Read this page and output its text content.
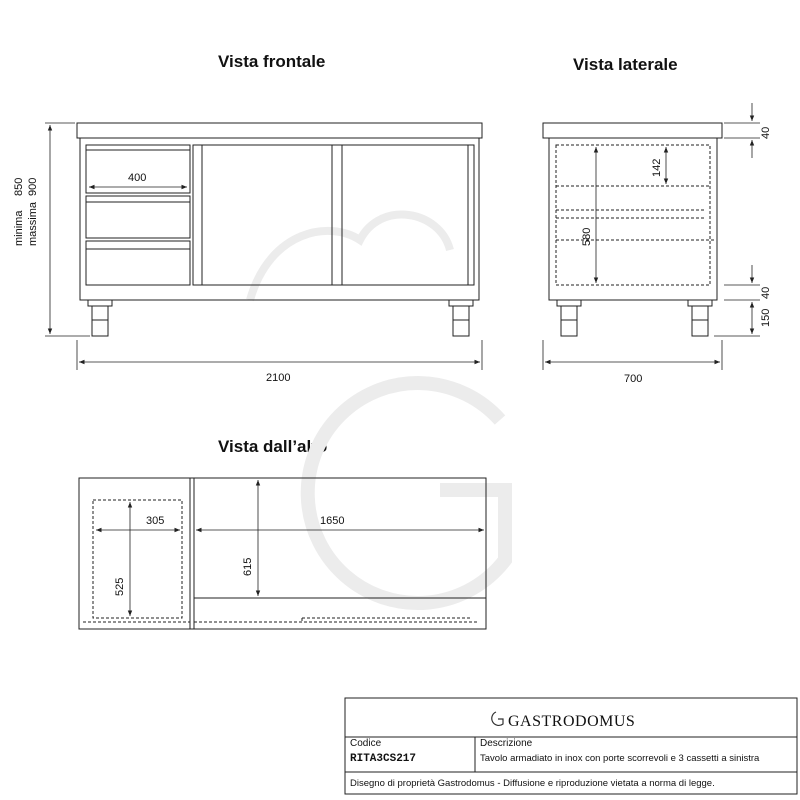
Vista frontale	Vista laterale
Vista dall’alto
minima
850
massima
900	400
2100
40
40
150
580
142
700
305
525
1650
615
GASTRODOMUS
Codice
RITA3CS217
Descrizione
Tavolo armadiato in inox con porte scorrevoli e 3 cassetti a sinistra
Disegno di proprietà Gastrodomus - Diffusione e riproduzione vietata a norma di legge.
